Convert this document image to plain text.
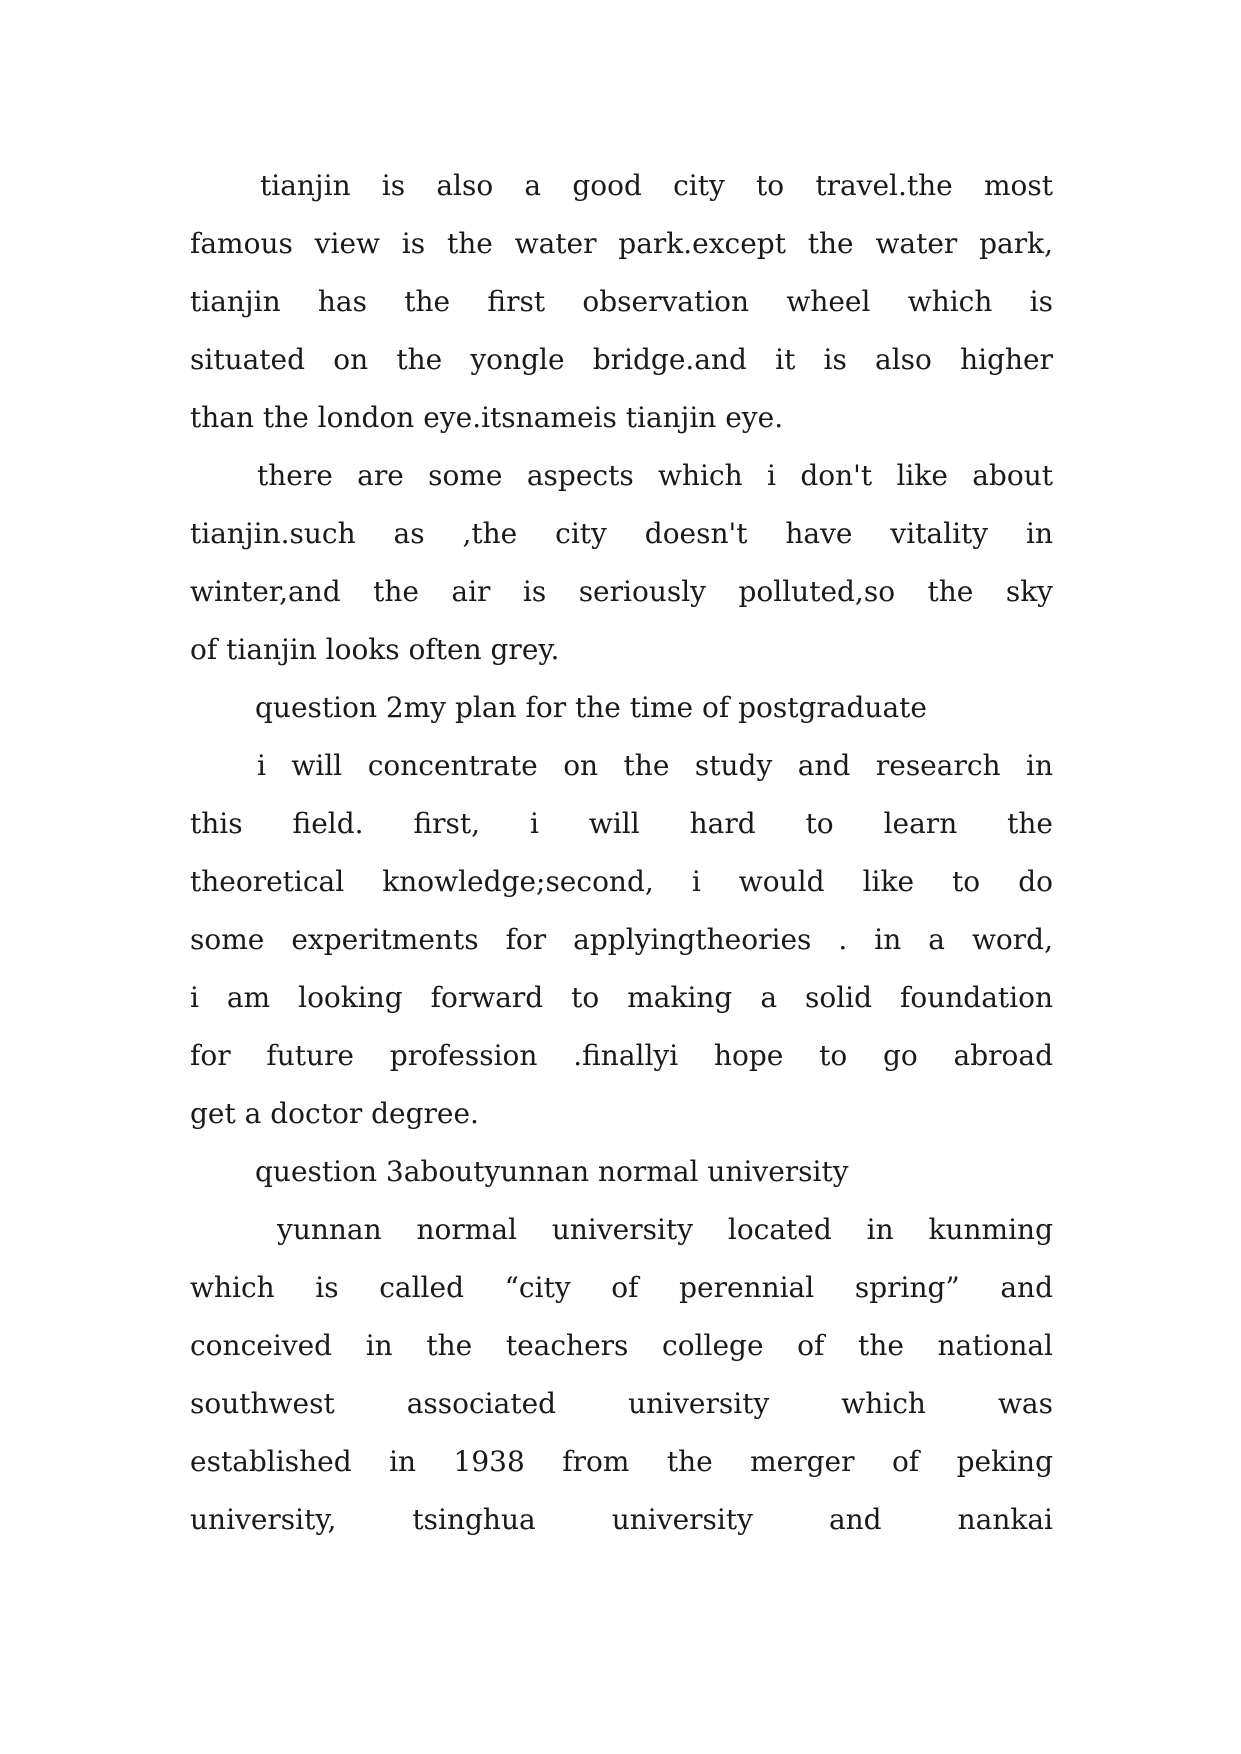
tianjin is also a good city to travel.the most
famous view is the water park.except the water park,
tianjin has the first observation wheel which is
situated on the yongle bridge.and it is also higher
than the london eye.itsnameis tianjin eye.
there are some aspects which i don't like about
tianjin.such as ,the city doesn't have vitality in
winter,and the air is seriously polluted,so the sky
of tianjin looks often grey.
question 2my plan for the time of postgraduate
i will concentrate on the study and research in
this field. first, i will hard to learn the
theoretical knowledge;second, i would like to do
some experitments for applyingtheories . in a word,
i am looking forward to making a solid foundation
for future profession .finallyi hope to go abroad
get a doctor degree.
question 3aboutyunnan normal university
yunnan normal university located in kunming
which is called “city of perennial spring” and
conceived in the teachers college of the national
southwest associated university which was
established in 1938 from the merger of peking
university, tsinghua university and nankai
